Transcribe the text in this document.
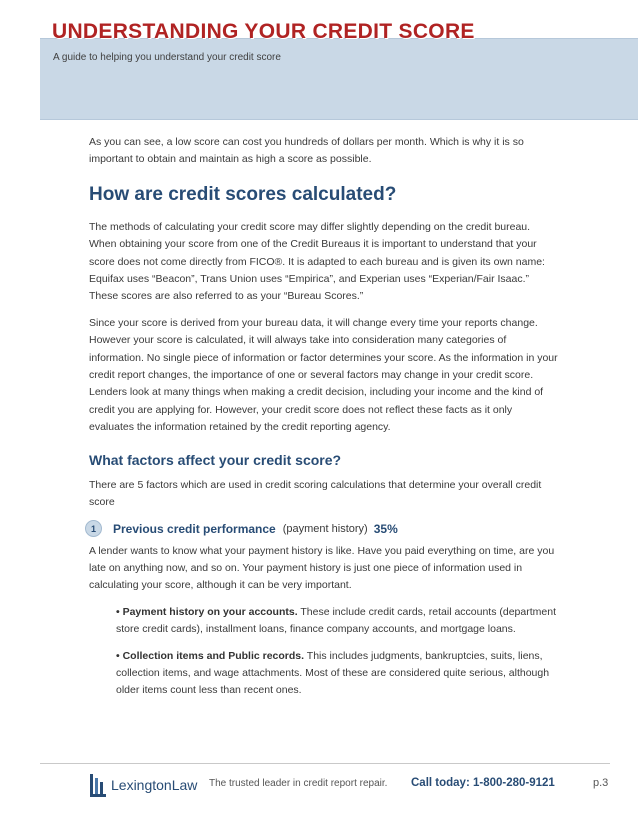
UNDERSTANDING YOUR CREDIT SCORE
A guide to helping you understand your credit score

As you can see, a low score can cost you hundreds of dollars per month. Which is why it is so important to obtain and maintain as high a score as possible.

How are credit scores calculated?

The methods of calculating your credit score may differ slightly depending on the credit bureau. When obtaining your score from one of the Credit Bureaus it is important to understand that your score does not come directly from FICO®. It is adapted to each bureau and is given its own name: Equifax uses “Beacon”, Trans Union uses “Empirica”, and Experian uses “Experian/Fair Isaac.” These scores are also referred to as your “Bureau Scores.”

Since your score is derived from your bureau data, it will change every time your reports change. However your score is calculated, it will always take into consideration many categories of information. No single piece of information or factor determines your score. As the information in your credit report changes, the importance of one or several factors may change in your credit score. Lenders look at many things when making a credit decision, including your income and the kind of credit you are applying for. However, your credit score does not reflect these facts as it only evaluates the information retained by the credit reporting agency.

What factors affect your credit score?

There are 5 factors which are used in credit scoring calculations that determine your overall credit score

1	Previous credit performance (payment history) 35%

A lender wants to know what your payment history is like. Have you paid everything on time, are you late on anything now, and so on. Your payment history is just one piece of information used in calculating your score, although it can be very important.

• Payment history on your accounts. These include credit cards, retail accounts (department store credit cards), installment loans, finance company accounts, and mortgage loans.

• Collection items and Public records. This includes judgments, bankruptcies, suits, liens, collection items, and wage attachments. Most of these are considered quite serious, although older items count less than recent ones.

LexingtonLaw The trusted leader in credit report repair. Call today: 1-800-280-9121	p.3
